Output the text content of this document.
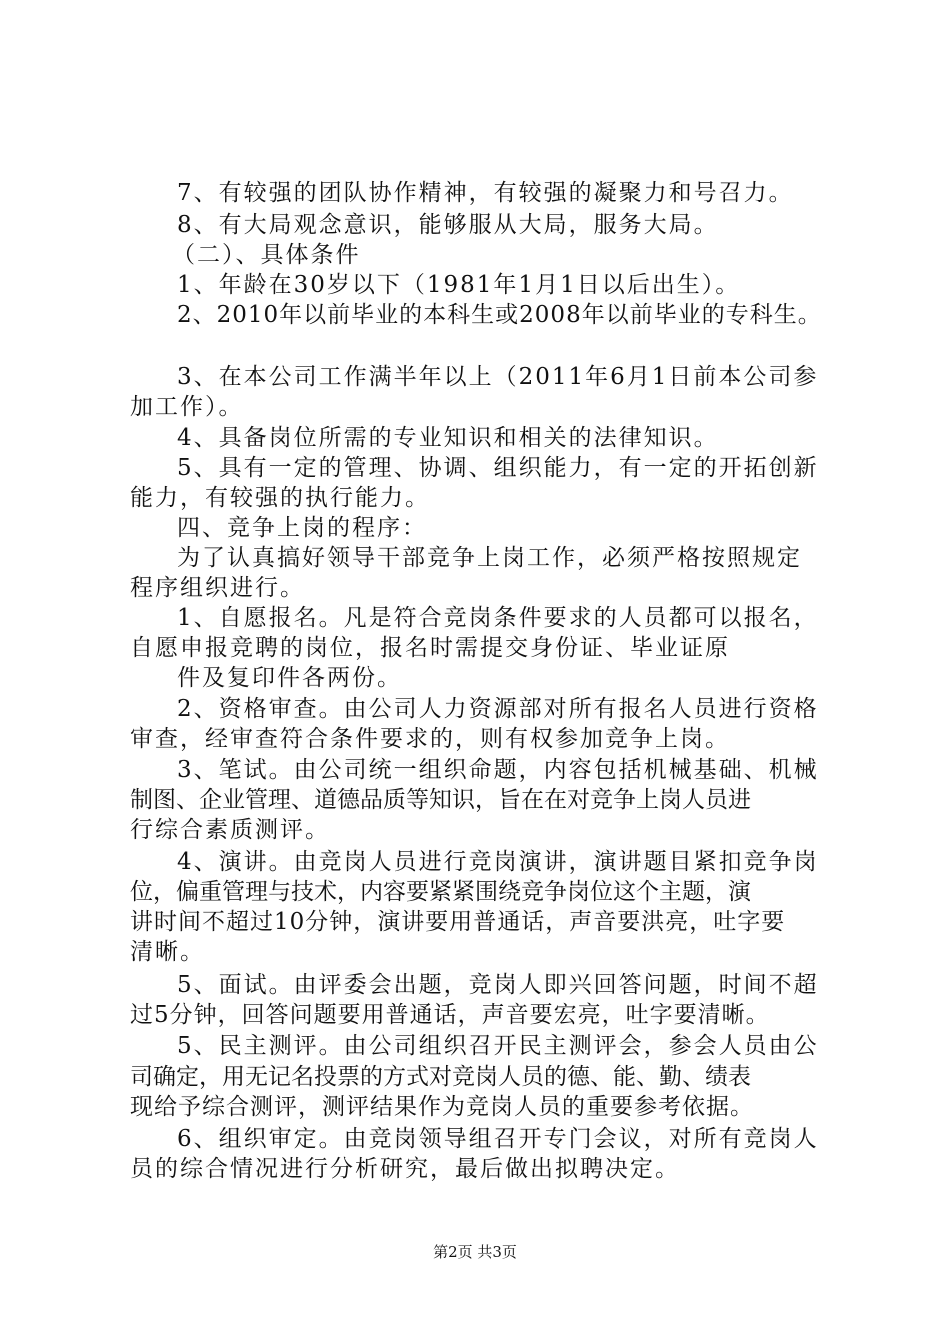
7、有较强的团队协作精神，有较强的凝聚力和号召力。

8、有大局观念意识，能够服从大局，服务大局。

（二）、具体条件

1、年龄在30岁以下（1981年1月1日以后出生）。

2、2010年以前毕业的本科生或2008年以前毕业的专科生。

3、在本公司工作满半年以上（2011年6月1日前本公司参

加工作）。

4、具备岗位所需的专业知识和相关的法律知识。

5、具有一定的管理、协调、组织能力，有一定的开拓创新

能力，有较强的执行能力。

四、竞争上岗的程序：

为了认真搞好领导干部竞争上岗工作，必须严格按照规定

程序组织进行。

1、自愿报名。凡是符合竞岗条件要求的人员都可以报名，

自愿申报竞聘的岗位，报名时需提交身份证、毕业证原

件及复印件各两份。

2、资格审查。由公司人力资源部对所有报名人员进行资格

审查，经审查符合条件要求的，则有权参加竞争上岗。

3、笔试。由公司统一组织命题，内容包括机械基础、机械

制图、企业管理、道德品质等知识，旨在在对竞争上岗人员进

行综合素质测评。

4、演讲。由竞岗人员进行竞岗演讲，演讲题目紧扣竞争岗

位，偏重管理与技术，内容要紧紧围绕竞争岗位这个主题，演

讲时间不超过10分钟，演讲要用普通话，声音要洪亮，吐字要

清晰。

5、面试。由评委会出题，竞岗人即兴回答问题，时间不超

过5分钟，回答问题要用普通话，声音要宏亮，吐字要清晰。

5、民主测评。由公司组织召开民主测评会，参会人员由公

司确定，用无记名投票的方式对竞岗人员的德、能、勤、绩表

现给予综合测评，测评结果作为竞岗人员的重要参考依据。

6、组织审定。由竞岗领导组召开专门会议，对所有竞岗人

员的综合情况进行分析研究，最后做出拟聘决定。

第2页 共3页
